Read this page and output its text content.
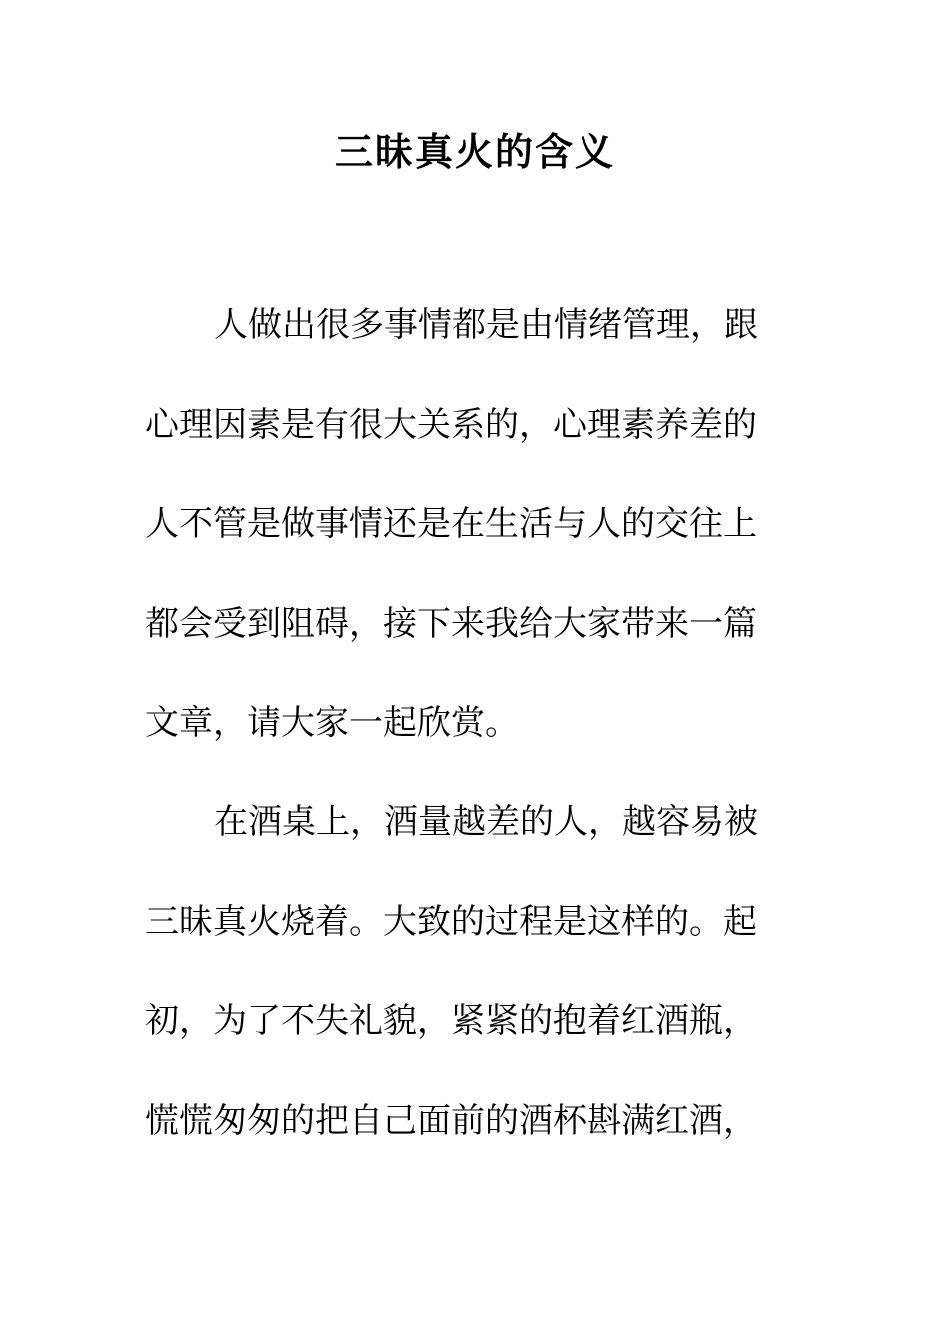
三昧真火的含义
人做出很多事情都是由情绪管理，跟
心理因素是有很大关系的，心理素养差的
人不管是做事情还是在生活与人的交往上
都会受到阻碍，接下来我给大家带来一篇
文章，请大家一起欣赏。
在酒桌上，酒量越差的人，越容易被
三昧真火烧着。大致的过程是这样的。起
初，为了不失礼貌，紧紧的抱着红酒瓶，
慌慌匆匆的把自己面前的酒杯斟满红酒，
